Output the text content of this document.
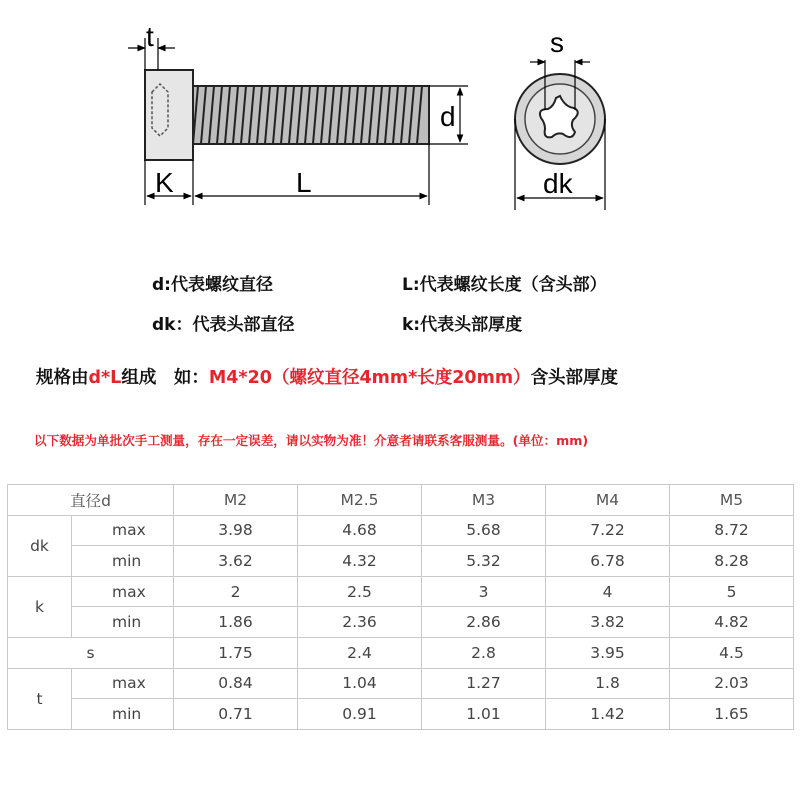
t
K	L
d
s
dk
d:代表螺纹直径	L:代表螺纹长度（含头部）
dk：代表头部直径	k:代表头部厚度
规格由d*L组成　如：M4*20（螺纹直径4mm*长度20mm）含头部厚度
以下数据为单批次手工测量，存在一定误差，请以实物为准！介意者请联系客服测量。(单位：mm)
直径d		M2	M2.5	M3	M4	M5
dk	max	3.98	4.68	5.68	7.22	8.72
	min	3.62	4.32	5.32	6.78	8.28
k	max	2	2.5	3	4	5
	min	1.86	2.36	2.86	3.82	4.82
s		1.75	2.4	2.8	3.95	4.5
t	max	0.84	1.04	1.27	1.8	2.03
	min	0.71	0.91	1.01	1.42	1.65
